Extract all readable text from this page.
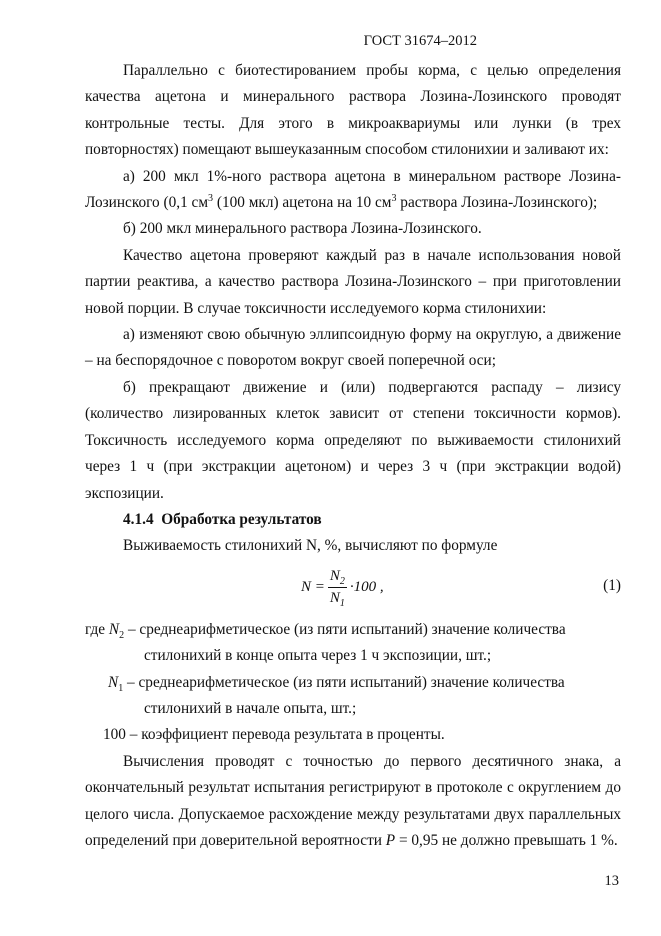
ГОСТ 31674–2012

Параллельно с биотестированием пробы корма, с целью определения качества ацетона и минерального раствора Лозина-Лозинского проводят контрольные тесты. Для этого в микроаквариумы или лунки (в трех повторностях) помещают вышеуказанным способом стилонихии и заливают их:

а) 200 мкл 1%-ного раствора ацетона в минеральном растворе Лозина-Лозинского (0,1 $см^3$ (100 мкл) ацетона на 10 $см^3$ раствора Лозина-Лозинского);

б) 200 мкл минерального раствора Лозина-Лозинского.

Качество ацетона проверяют каждый раз в начале использования новой партии реактива, а качество раствора Лозина-Лозинского – при приготовлении новой порции. В случае токсичности исследуемого корма стилонихии:

а) изменяют свою обычную эллипсоидную форму на округлую, а движение – на беспорядочное с поворотом вокруг своей поперечной оси;

б) прекращают движение и (или) подвергаются распаду – лизису (количество лизированных клеток зависит от степени токсичности кормов). Токсичность исследуемого корма определяют по выживаемости стилонихий через 1 ч (при экстракции ацетоном) и через 3 ч (при экстракции водой) экспозиции.

4.1.4 Обработка результатов

Выживаемость стилонихий N, %, вычисляют по формуле

$N = \frac{N_2}{N_1} \cdot 100$ ,	(1)

где $N_2$ – среднеарифметическое (из пяти испытаний) значение количества

стилонихий в конце опыта через 1 ч экспозиции, шт.;

$N_1$ – среднеарифметическое (из пяти испытаний) значение количества

стилонихий в начале опыта, шт.;

100 – коэффициент перевода результата в проценты.

Вычисления проводят с точностью до первого десятичного знака, а окончательный результат испытания регистрируют в протоколе с округлением до целого числа. Допускаемое расхождение между результатами двух параллельных определений при доверительной вероятности P = 0,95 не должно превышать 1 %.

13
